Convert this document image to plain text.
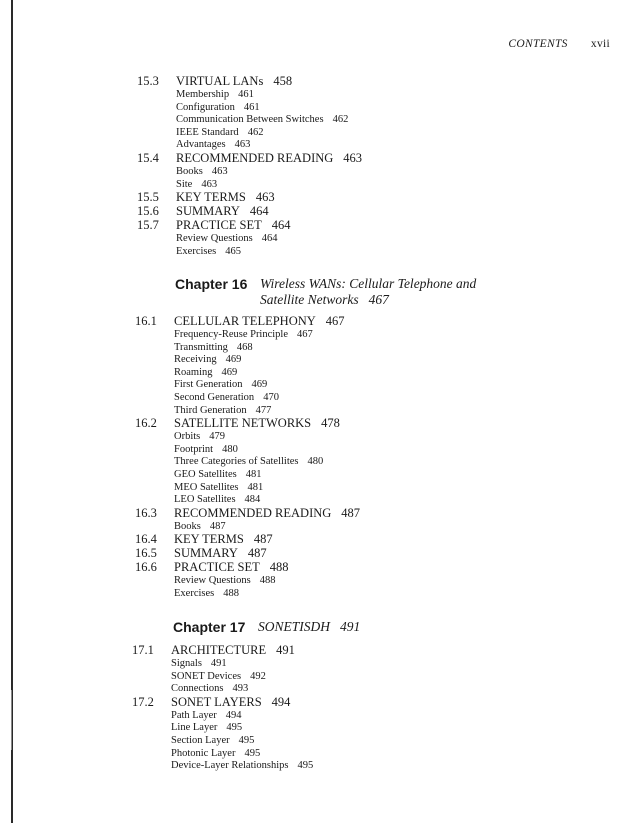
CONTENTS xvii
15.3 VIRTUAL LANs 458
Membership 461
Configuration 461
Communication Between Switches 462
IEEE Standard 462
Advantages 463
15.4 RECOMMENDED READING 463
Books 463
Site 463
15.5 KEY TERMS 463
15.6 SUMMARY 464
15.7 PRACTICE SET 464
Review Questions 464
Exercises 465
Chapter 16 Wireless WANs: Cellular Telephone and
Satellite Networks 467
16.1 CELLULAR TELEPHONY 467
Frequency-Reuse Principle 467
Transmitting 468
Receiving 469
Roaming 469
First Generation 469
Second Generation 470
Third Generation 477
16.2 SATELLITE NETWORKS 478
Orbits 479
Footprint 480
Three Categories of Satellites 480
GEO Satellites 481
MEO Satellites 481
LEO Satellites 484
16.3 RECOMMENDED READING 487
Books 487
16.4 KEY TERMS 487
16.5 SUMMARY 487
16.6 PRACTICE SET 488
Review Questions 488
Exercises 488
Chapter 17 SONETISDH 491
17.1 ARCHITECTURE 491
Signals 491
SONET Devices 492
Connections 493
17.2 SONET LAYERS 494
Path Layer 494
Line Layer 495
Section Layer 495
Photonic Layer 495
Device-Layer Relationships 495
